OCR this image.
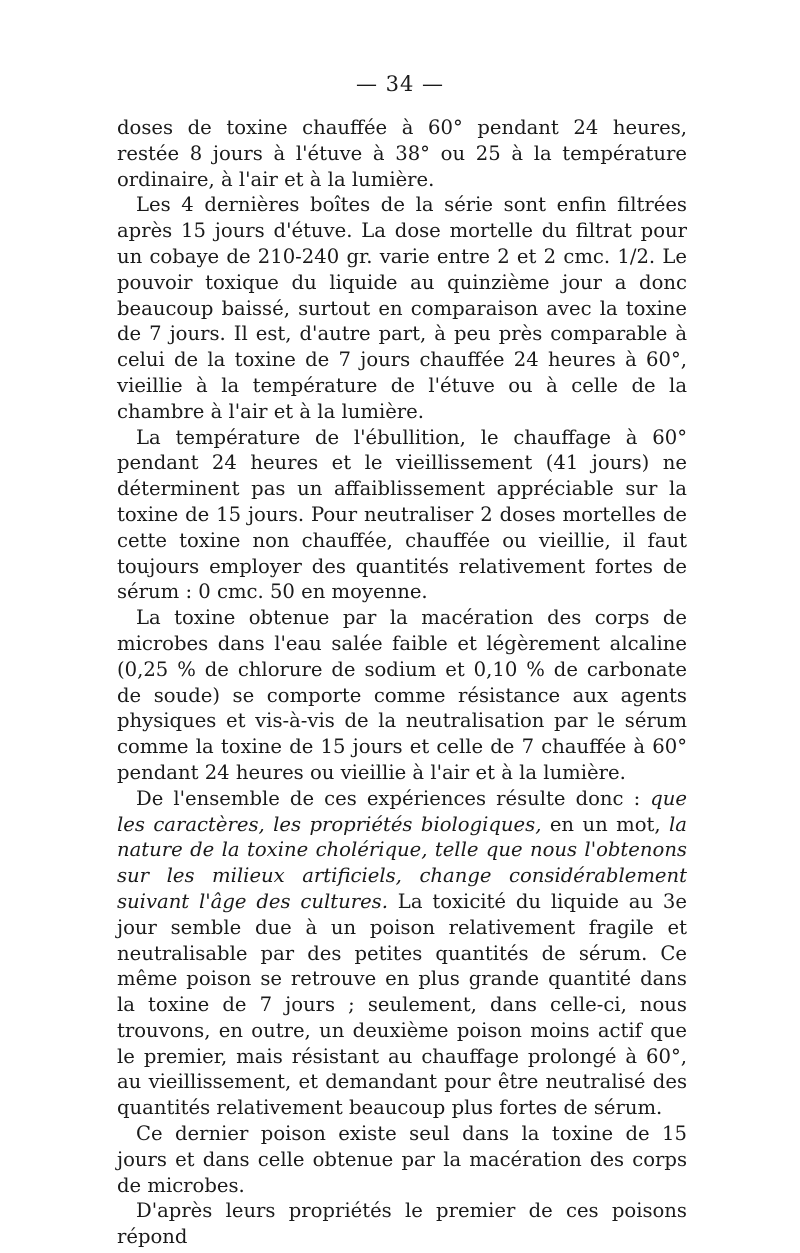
— 34 —

doses de toxine chauffée à 60° pendant 24 heures, restée 8 jours à l'étuve à 38° ou 25 à la température ordinaire, à l'air et à la lumière.

Les 4 dernières boîtes de la série sont enfin filtrées après 15 jours d'étuve. La dose mortelle du filtrat pour un cobaye de 210-240 gr. varie entre 2 et 2 cmc. 1/2. Le pouvoir toxique du liquide au quinzième jour a donc beaucoup baissé, surtout en comparaison avec la toxine de 7 jours. Il est, d'autre part, à peu près comparable à celui de la toxine de 7 jours chauffée 24 heures à 60°, vieillie à la température de l'étuve ou à celle de la chambre à l'air et à la lumière.

La température de l'ébullition, le chauffage à 60° pendant 24 heures et le vieillissement (41 jours) ne déterminent pas un affaiblissement appréciable sur la toxine de 15 jours. Pour neutraliser 2 doses mortelles de cette toxine non chauffée, chauffée ou vieillie, il faut toujours employer des quantités relativement fortes de sérum : 0 cmc. 50 en moyenne.

La toxine obtenue par la macération des corps de microbes dans l'eau salée faible et légèrement alcaline (0,25 % de chlorure de sodium et 0,10 % de carbonate de soude) se comporte comme résistance aux agents physiques et vis-à-vis de la neutralisation par le sérum comme la toxine de 15 jours et celle de 7 chauffée à 60° pendant 24 heures ou vieillie à l'air et à la lumière.

De l'ensemble de ces expériences résulte donc : que les caractères, les propriétés biologiques, en un mot, la nature de la toxine cholérique, telle que nous l'obtenons sur les milieux artificiels, change considérablement suivant l'âge des cultures. La toxicité du liquide au 3e jour semble due à un poison relativement fragile et neutralisable par des petites quantités de sérum. Ce même poison se retrouve en plus grande quantité dans la toxine de 7 jours ; seulement, dans celle-ci, nous trouvons, en outre, un deuxième poison moins actif que le premier, mais résistant au chauffage prolongé à 60°, au vieillissement, et demandant pour être neutralisé des quantités relativement beaucoup plus fortes de sérum.

Ce dernier poison existe seul dans la toxine de 15 jours et dans celle obtenue par la macération des corps de microbes.

D'après leurs propriétés le premier de ces poisons répond
